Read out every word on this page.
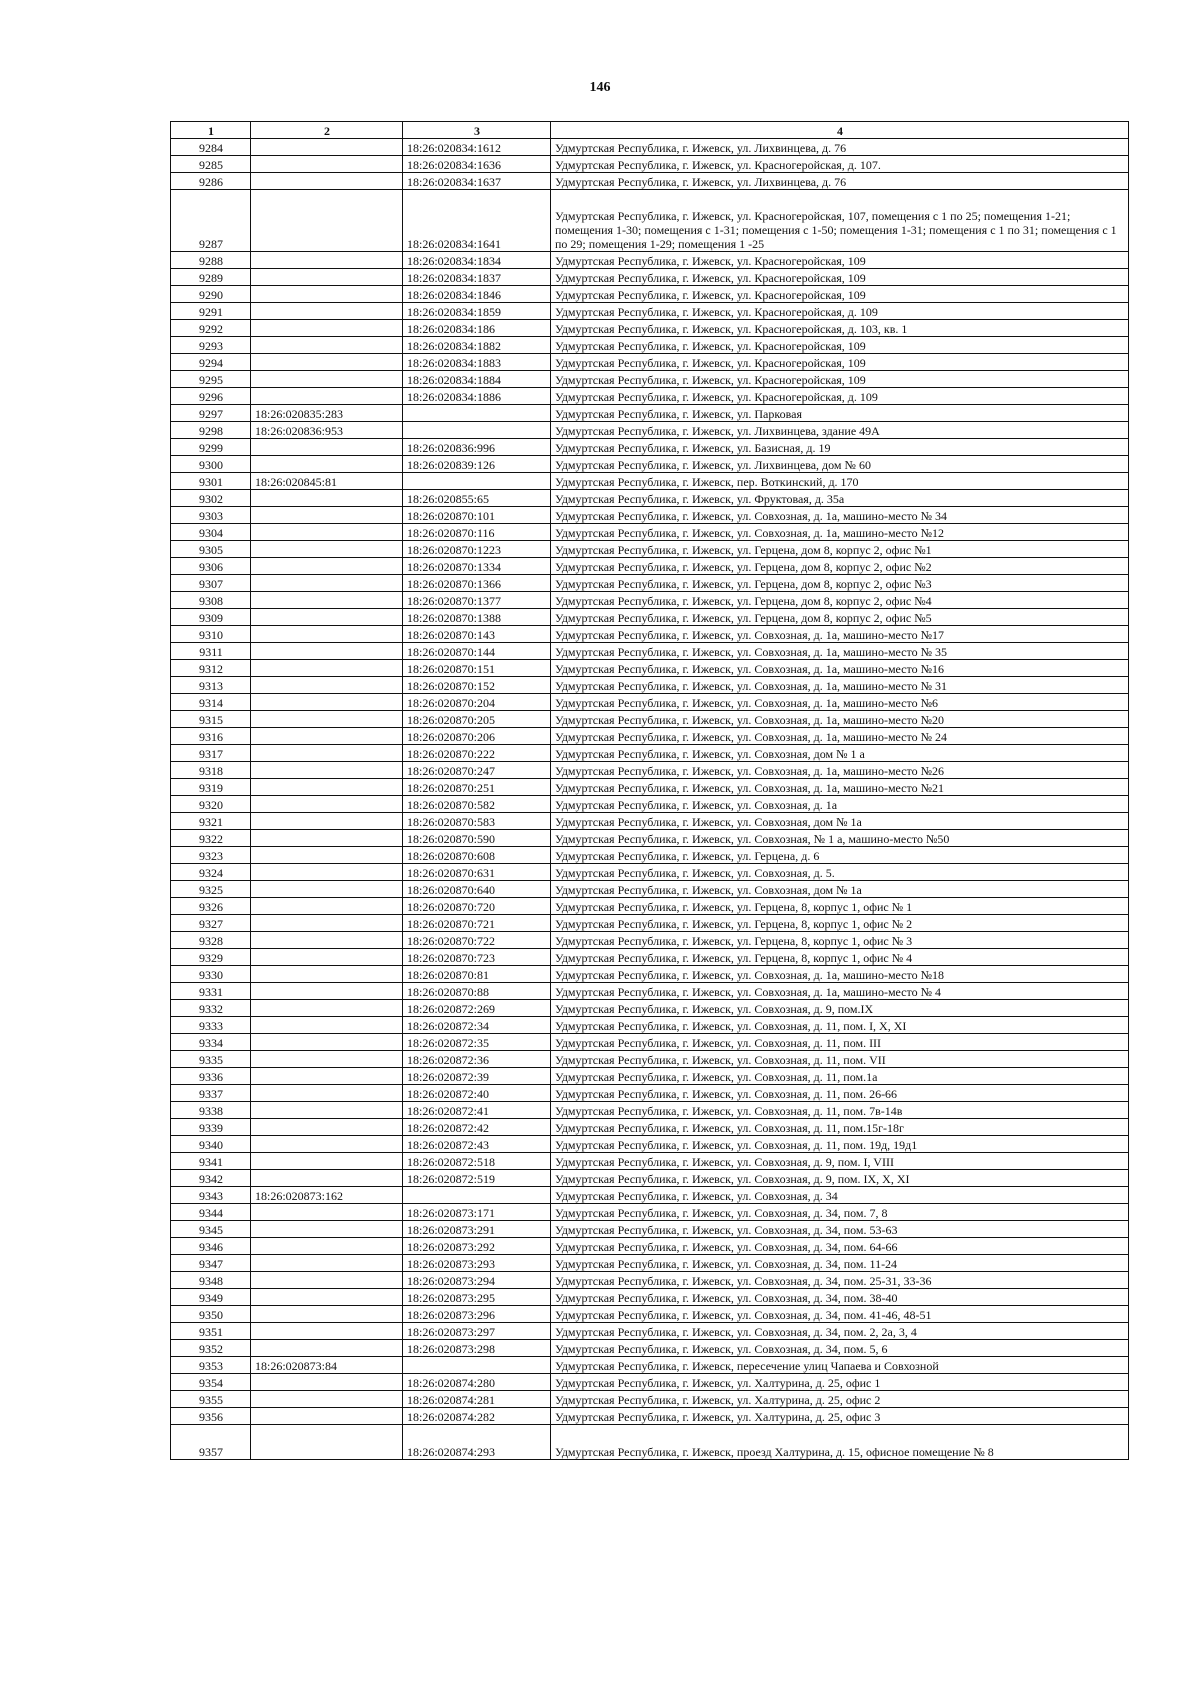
146
1	2	3	4
9284		18:26:020834:1612	Удмуртская Республика, г. Ижевск, ул. Лихвинцева, д. 76
9285		18:26:020834:1636	Удмуртская Республика, г. Ижевск, ул. Красногеройская, д. 107.
9286		18:26:020834:1637	Удмуртская Республика, г. Ижевск, ул. Лихвинцева, д. 76
9287		18:26:020834:1641	Удмуртская Республика, г. Ижевск, ул. Красногеройская, 107, помещения с 1 по 25; помещения 1-21; помещения 1-30; помещения с 1-31; помещения с 1-50; помещения 1-31; помещения с 1 по 31; помещения с 1 по 29; помещения 1-29; помещения 1 -25
9288		18:26:020834:1834	Удмуртская Республика, г. Ижевск, ул. Красногеройская, 109
9289		18:26:020834:1837	Удмуртская Республика, г. Ижевск, ул. Красногеройская, 109
9290		18:26:020834:1846	Удмуртская Республика, г. Ижевск, ул. Красногеройская, 109
9291		18:26:020834:1859	Удмуртская Республика, г. Ижевск, ул. Красногеройская, д. 109
9292		18:26:020834:186	Удмуртская Республика, г. Ижевск, ул. Красногеройская, д. 103, кв. 1
9293		18:26:020834:1882	Удмуртская Республика, г. Ижевск, ул. Красногеройская, 109
9294		18:26:020834:1883	Удмуртская Республика, г. Ижевск, ул. Красногеройская, 109
9295		18:26:020834:1884	Удмуртская Республика, г. Ижевск, ул. Красногеройская, 109
9296		18:26:020834:1886	Удмуртская Республика, г. Ижевск, ул. Красногеройская, д. 109
9297	18:26:020835:283		Удмуртская Республика, г. Ижевск, ул. Парковая
9298	18:26:020836:953		Удмуртская Республика, г. Ижевск, ул. Лихвинцева, здание 49А
9299		18:26:020836:996	Удмуртская Республика, г. Ижевск, ул. Базисная, д. 19
9300		18:26:020839:126	Удмуртская Республика, г. Ижевск, ул. Лихвинцева, дом № 60
9301	18:26:020845:81		Удмуртская Республика, г. Ижевск, пер. Воткинский, д. 170
9302		18:26:020855:65	Удмуртская Республика, г. Ижевск, ул. Фруктовая, д. 35а
9303		18:26:020870:101	Удмуртская Республика, г. Ижевск, ул. Совхозная, д. 1а, машино-место № 34
9304		18:26:020870:116	Удмуртская Республика, г. Ижевск, ул. Совхозная, д. 1а, машино-место №12
9305		18:26:020870:1223	Удмуртская Республика, г. Ижевск, ул. Герцена, дом 8, корпус 2, офис №1
9306		18:26:020870:1334	Удмуртская Республика, г. Ижевск, ул. Герцена, дом 8, корпус 2, офис №2
9307		18:26:020870:1366	Удмуртская Республика, г. Ижевск, ул. Герцена, дом 8, корпус 2, офис №3
9308		18:26:020870:1377	Удмуртская Республика, г. Ижевск, ул. Герцена, дом 8, корпус 2, офис №4
9309		18:26:020870:1388	Удмуртская Республика, г. Ижевск, ул. Герцена, дом 8, корпус 2, офис №5
9310		18:26:020870:143	Удмуртская Республика, г. Ижевск, ул. Совхозная, д. 1а, машино-место №17
9311		18:26:020870:144	Удмуртская Республика, г. Ижевск, ул. Совхозная, д. 1а, машино-место № 35
9312		18:26:020870:151	Удмуртская Республика, г. Ижевск, ул. Совхозная, д. 1а, машино-место №16
9313		18:26:020870:152	Удмуртская Республика, г. Ижевск, ул. Совхозная, д. 1а, машино-место № 31
9314		18:26:020870:204	Удмуртская Республика, г. Ижевск, ул. Совхозная, д. 1а, машино-место №6
9315		18:26:020870:205	Удмуртская Республика, г. Ижевск, ул. Совхозная, д. 1а, машино-место №20
9316		18:26:020870:206	Удмуртская Республика, г. Ижевск, ул. Совхозная, д. 1а, машино-место № 24
9317		18:26:020870:222	Удмуртская Республика, г. Ижевск, ул. Совхозная, дом № 1 а
9318		18:26:020870:247	Удмуртская Республика, г. Ижевск, ул. Совхозная, д. 1а, машино-место №26
9319		18:26:020870:251	Удмуртская Республика, г. Ижевск, ул. Совхозная, д. 1а, машино-место №21
9320		18:26:020870:582	Удмуртская Республика, г. Ижевск, ул. Совхозная, д. 1а
9321		18:26:020870:583	Удмуртская Республика, г. Ижевск, ул. Совхозная, дом № 1а
9322		18:26:020870:590	Удмуртская Республика, г. Ижевск, ул. Совхозная, № 1 а, машино-место №50
9323		18:26:020870:608	Удмуртская Республика, г. Ижевск, ул. Герцена, д. 6
9324		18:26:020870:631	Удмуртская Республика, г. Ижевск, ул. Совхозная, д. 5.
9325		18:26:020870:640	Удмуртская Республика, г. Ижевск, ул. Совхозная, дом № 1а
9326		18:26:020870:720	Удмуртская Республика, г. Ижевск, ул. Герцена, 8, корпус 1, офис № 1
9327		18:26:020870:721	Удмуртская Республика, г. Ижевск, ул. Герцена, 8, корпус 1, офис № 2
9328		18:26:020870:722	Удмуртская Республика, г. Ижевск, ул. Герцена, 8, корпус 1, офис № 3
9329		18:26:020870:723	Удмуртская Республика, г. Ижевск, ул. Герцена, 8, корпус 1, офис № 4
9330		18:26:020870:81	Удмуртская Республика, г. Ижевск, ул. Совхозная, д. 1а, машино-место №18
9331		18:26:020870:88	Удмуртская Республика, г. Ижевск, ул. Совхозная, д. 1а, машино-место № 4
9332		18:26:020872:269	Удмуртская Республика, г. Ижевск, ул. Совхозная, д. 9, пом.IX
9333		18:26:020872:34	Удмуртская Республика, г. Ижевск, ул. Совхозная, д. 11, пом. I, X, XI
9334		18:26:020872:35	Удмуртская Республика, г. Ижевск, ул. Совхозная, д. 11, пом. III
9335		18:26:020872:36	Удмуртская Республика, г. Ижевск, ул. Совхозная, д. 11, пом. VII
9336		18:26:020872:39	Удмуртская Республика, г. Ижевск, ул. Совхозная, д. 11, пом.1а
9337		18:26:020872:40	Удмуртская Республика, г. Ижевск, ул. Совхозная, д. 11, пом. 26-66
9338		18:26:020872:41	Удмуртская Республика, г. Ижевск, ул. Совхозная, д. 11, пом. 7в-14в
9339		18:26:020872:42	Удмуртская Республика, г. Ижевск, ул. Совхозная, д. 11, пом.15г-18г
9340		18:26:020872:43	Удмуртская Республика, г. Ижевск, ул. Совхозная, д. 11, пом. 19д, 19д1
9341		18:26:020872:518	Удмуртская Республика, г. Ижевск, ул. Совхозная, д. 9, пом. I, VIII
9342		18:26:020872:519	Удмуртская Республика, г. Ижевск, ул. Совхозная, д. 9, пом. IX, X, XI
9343	18:26:020873:162		Удмуртская Республика, г. Ижевск, ул. Совхозная, д. 34
9344		18:26:020873:171	Удмуртская Республика, г. Ижевск, ул. Совхозная, д. 34, пом. 7, 8
9345		18:26:020873:291	Удмуртская Республика, г. Ижевск, ул. Совхозная, д. 34, пом. 53-63
9346		18:26:020873:292	Удмуртская Республика, г. Ижевск, ул. Совхозная, д. 34, пом. 64-66
9347		18:26:020873:293	Удмуртская Республика, г. Ижевск, ул. Совхозная, д. 34, пом. 11-24
9348		18:26:020873:294	Удмуртская Республика, г. Ижевск, ул. Совхозная, д. 34, пом. 25-31, 33-36
9349		18:26:020873:295	Удмуртская Республика, г. Ижевск, ул. Совхозная, д. 34, пом. 38-40
9350		18:26:020873:296	Удмуртская Республика, г. Ижевск, ул. Совхозная, д. 34, пом. 41-46, 48-51
9351		18:26:020873:297	Удмуртская Республика, г. Ижевск, ул. Совхозная, д. 34, пом. 2, 2а, 3, 4
9352		18:26:020873:298	Удмуртская Республика, г. Ижевск, ул. Совхозная, д. 34, пом. 5, 6
9353	18:26:020873:84		Удмуртская Республика, г. Ижевск, пересечение улиц Чапаева и Совхозной
9354		18:26:020874:280	Удмуртская Республика, г. Ижевск, ул. Халтурина, д. 25, офис 1
9355		18:26:020874:281	Удмуртская Республика, г. Ижевск, ул. Халтурина, д. 25, офис 2
9356		18:26:020874:282	Удмуртская Республика, г. Ижевск, ул. Халтурина, д. 25, офис 3
9357		18:26:020874:293	Удмуртская Республика, г. Ижевск, проезд Халтурина, д. 15, офисное помещение № 8
